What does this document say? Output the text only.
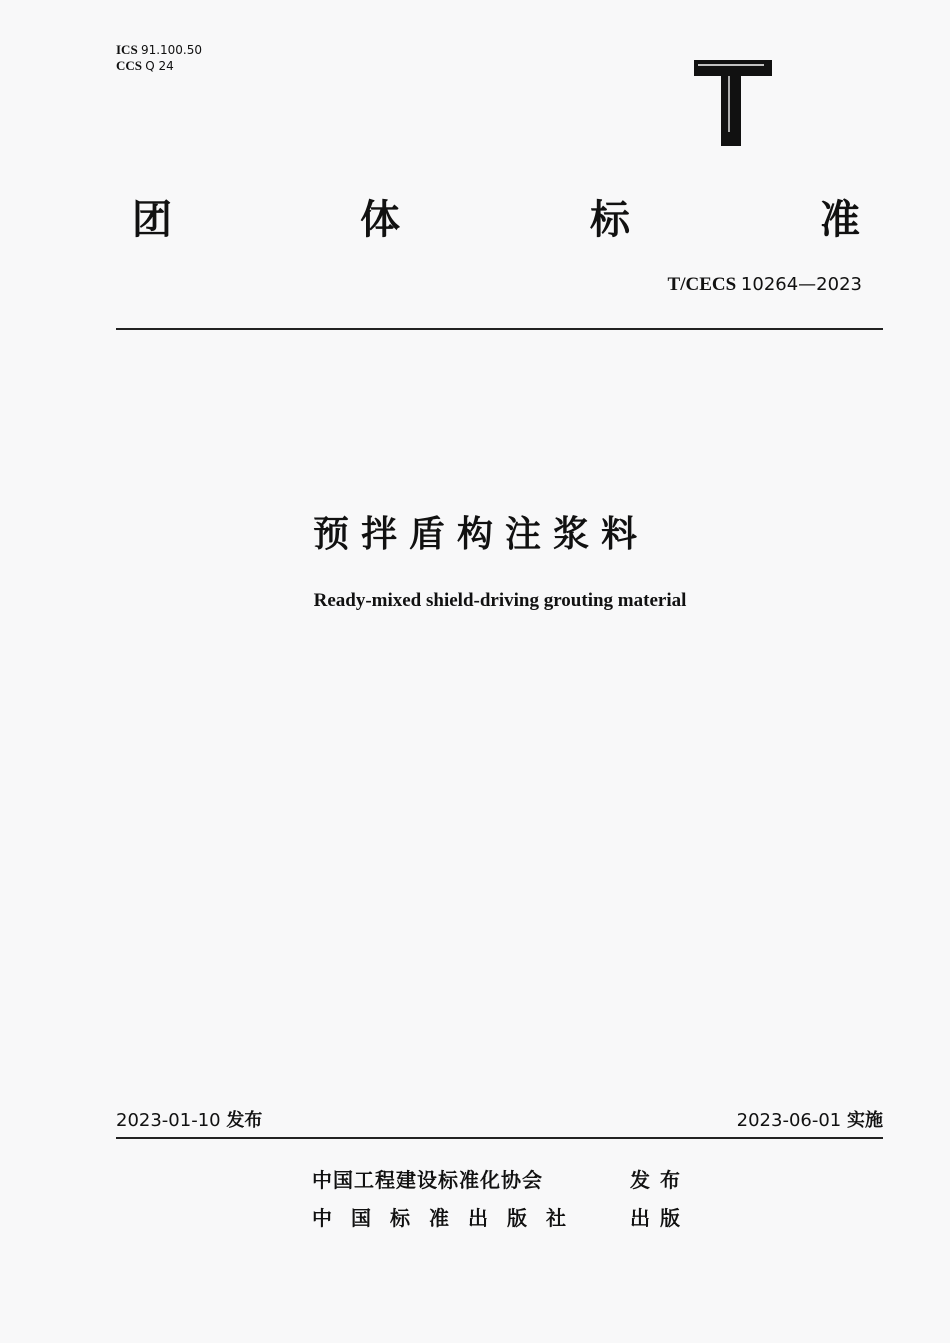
ICS 91.100.50
CCS Q 24
团	体	标	准
T/CECS 10264—2023
预拌盾构注浆料
Ready-mixed shield-driving grouting material
2023-01-10 发布	2023-06-01 实施
中国工程建设标准化协会	发布
中国标准出版社 出版
